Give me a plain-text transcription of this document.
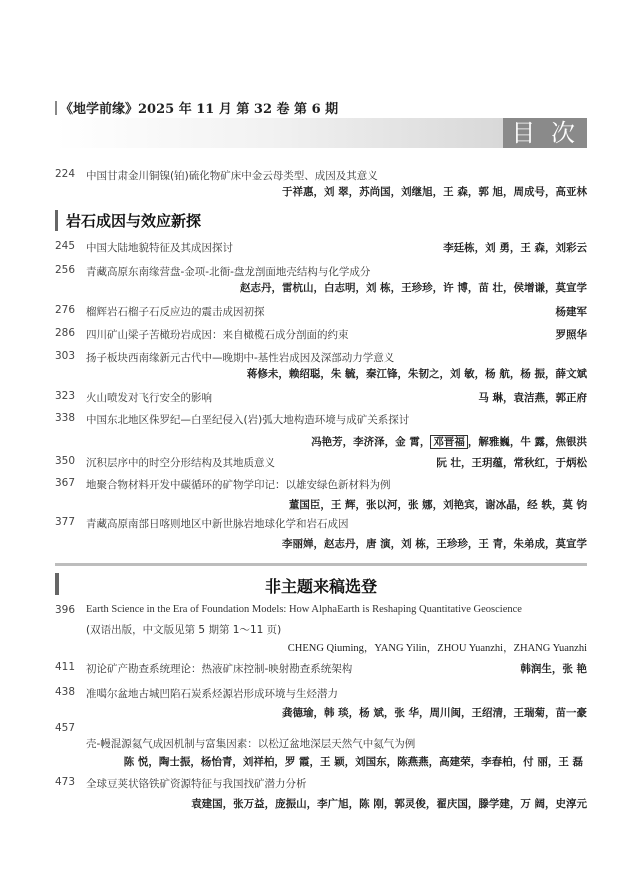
《地学前缘》2025 年 11 月 第 32 卷 第 6 期
目 次
224	中国甘肃金川铜镍(铂)硫化物矿床中金云母类型、成因及其意义
于祥惠，刘 翠，苏尚国，刘继旭，王 森，郭 旭，周成号，高亚林
岩石成因与效应新探
245	中国大陆地貌特征及其成因探讨	李廷栋，刘 勇，王 森，刘彩云
256	青藏高原东南缘营盘-金项-北衙-盘龙剖面地壳结构与化学成分
赵志丹，雷杭山，白志明，刘 栋，王珍珍，许 博，苗 壮，侯增谦，莫宣学
276	榴辉岩石榴子石反应边的震击成因初探	杨建军
286	四川矿山梁子苦橄玢岩成因：来自橄榄石成分剖面的约束	罗照华
303	扬子板块西南缘新元古代中—晚期中-基性岩成因及深部动力学意义
蒋修未，赖绍聪，朱 毓，秦江锋，朱韧之，刘 敏，杨 航，杨 振，薛文斌
323	火山喷发对飞行安全的影响	马 琳，袁洁燕，郭正府
338	中国东北地区侏罗纪—白垩纪侵入(岩)弧大地构造环境与成矿关系探讨
冯艳芳，李济泽，金 霄， 邓晋福 ，解雅巍，牛 露，焦银洪
350	沉积层序中的时空分形结构及其地质意义	阮 壮，王玥蕴，常秋红，于炳松
367	地聚合物材料开发中碳循环的矿物学印记：以雄安绿色新材料为例
董国臣，王 辉，张以河，张 娜，刘艳宾，谢冰晶，经 轶，莫 钧
377	青藏高原南部日喀则地区中新世脉岩地球化学和岩石成因
李丽婵，赵志丹，唐 演，刘 栋，王珍珍，王 青，朱弟成，莫宣学
非主题来稿选登
396	Earth Science in the Era of Foundation Models: How AlphaEarth is Reshaping Quantitative Geoscience
(双语出版，中文版见第 5 期第 1～11 页)
CHENG Qiuming，YANG Yilin，ZHOU Yuanzhi，ZHANG Yuanzhi
411	初论矿产勘查系统理论：热液矿床控制-映射勘查系统架构	韩润生，张 艳
438	准噶尔盆地古城凹陷石炭系烃源岩形成环境与生烃潜力
龚德瑜，韩 琰，杨 斌，张 华，周川闽，王绍清，王瑞菊，苗一豪
457
壳-幔混源氦气成因机制与富集因素：以松辽盆地深层天然气中氦气为例
陈 悦，陶士振，杨怡青，刘祥柏，罗 霞，王 颖，刘国东，陈燕燕，高建荣，李春柏，付 丽，王 磊
473	全球豆荚状铬铁矿资源特征与我国找矿潜力分析
袁建国，张万益，庞振山，李广旭，陈 刚，郭灵俊，翟庆国，滕学建，万 阔，史淳元
